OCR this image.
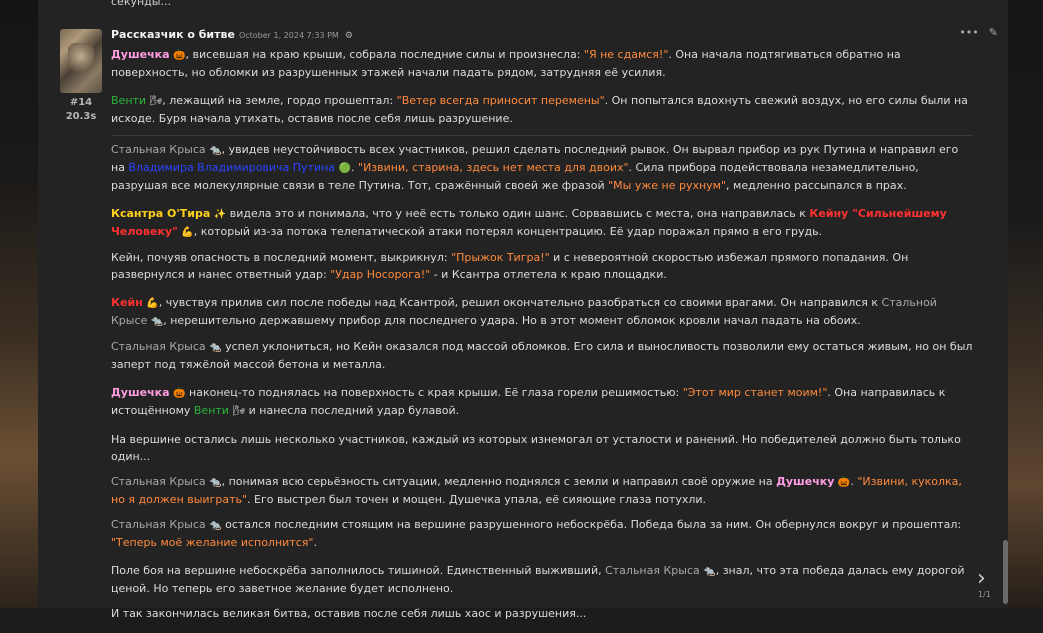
секунды...
#14
20.3s
Рассказчик о битве October 1, 2024 7:33 PM ⚙	••• ✎

Душечка 🎃, висевшая на краю крыши, собрала последние силы и произнесла: "Я не сдамся!". Она начала подтягиваться обратно на поверхность, но обломки из разрушенных этажей начали падать рядом, затрудняя её усилия.

Венти 🌬, лежащий на земле, гордо прошептал: "Ветер всегда приносит перемены". Он попытался вдохнуть свежий воздух, но его силы были на исходе. Буря начала утихать, оставив после себя лишь разрушение.

Стальная Крыса 🐀, увидев неустойчивость всех участников, решил сделать последний рывок. Он вырвал прибор из рук Путина и направил его на Владимира Владимировича Путина 🟢. "Извини, старина, здесь нет места для двоих". Сила прибора подействовала незамедлительно, разрушая все молекулярные связи в теле Путина. Тот, сражённый своей же фразой "Мы уже не рухнум", медленно рассыпался в прах.

Ксантра О'Тира ✨ видела это и понимала, что у неё есть только один шанс. Сорвавшись с места, она направилась к Кейну "Сильнейшему Человеку" 💪, который из-за потока телепатической атаки потерял концентрацию. Её удар поражал прямо в его грудь.

Кейн, почуяв опасность в последний момент, выкрикнул: "Прыжок Тигра!" и с невероятной скоростью избежал прямого попадания. Он развернулся и нанес ответный удар: "Удар Носорога!" - и Ксантра отлетела к краю площадки.

Кейн 💪, чувствуя прилив сил после победы над Ксантрой, решил окончательно разобраться со своими врагами. Он направился к Стальной Крысе 🐀, нерешительно державшему прибор для последнего удара. Но в этот момент обломок кровли начал падать на обоих.

Стальная Крыса 🐀 успел уклониться, но Кейн оказался под массой обломков. Его сила и выносливость позволили ему остаться живым, но он был заперт под тяжёлой массой бетона и металла.

Душечка 🎃 наконец-то поднялась на поверхность с края крыши. Её глаза горели решимостью: "Этот мир станет моим!". Она направилась к истощённому Венти 🌬 и нанесла последний удар булавой.

На вершине остались лишь несколько участников, каждый из которых изнемогал от усталости и ранений. Но победителей должно быть только один...

Стальная Крыса 🐀, понимая всю серьёзность ситуации, медленно поднялся с земли и направил своё оружие на Душечку 🎃. "Извини, куколка, но я должен выиграть". Его выстрел был точен и мощен. Душечка упала, её сияющие глаза потухли.

Стальная Крыса 🐀 остался последним стоящим на вершине разрушенного небоскрёба. Победа была за ним. Он обернулся вокруг и прошептал: "Теперь моё желание исполнится".

Поле боя на вершине небоскрёба заполнилось тишиной. Единственный выживший, Стальная Крыса 🐀, знал, что эта победа далась ему дорогой ценой. Но теперь его заветное желание будет исполнено.

И так закончилась великая битва, оставив после себя лишь хаос и разрушения...

›
1/1
